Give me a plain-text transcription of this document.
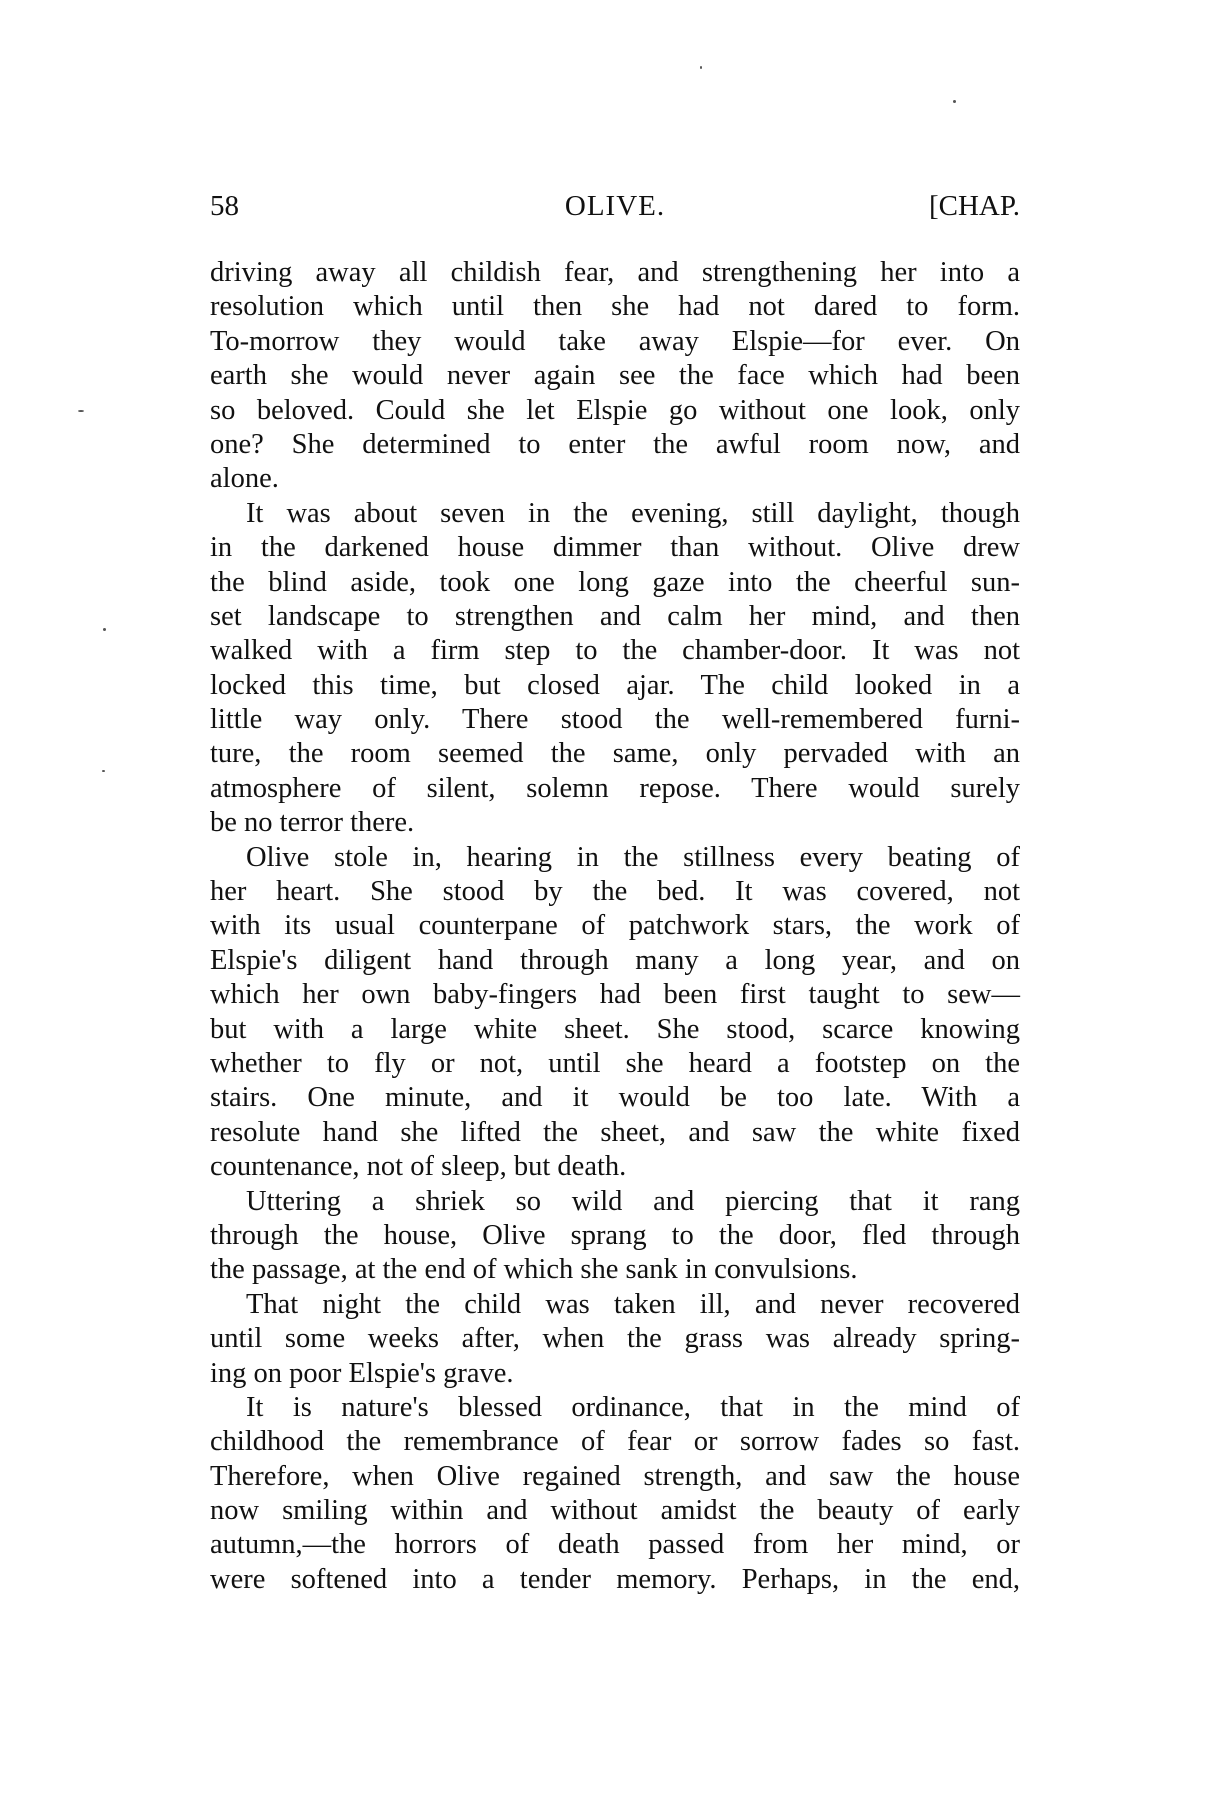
58	OLIVE.	[CHAP.
driving away all childish fear, and strengthening her into a
resolution which until then she had not dared to form.
To-morrow they would take away Elspie—for ever. On
earth she would never again see the face which had been
so beloved. Could she let Elspie go without one look, only
one? She determined to enter the awful room now, and
alone.
It was about seven in the evening, still daylight, though
in the darkened house dimmer than without. Olive drew
the blind aside, took one long gaze into the cheerful sun-
set landscape to strengthen and calm her mind, and then
walked with a firm step to the chamber-door. It was not
locked this time, but closed ajar. The child looked in a
little way only. There stood the well-remembered furni-
ture, the room seemed the same, only pervaded with an
atmosphere of silent, solemn repose. There would surely
be no terror there.
Olive stole in, hearing in the stillness every beating of
her heart. She stood by the bed. It was covered, not
with its usual counterpane of patchwork stars, the work of
Elspie's diligent hand through many a long year, and on
which her own baby-fingers had been first taught to sew—
but with a large white sheet. She stood, scarce knowing
whether to fly or not, until she heard a footstep on the
stairs. One minute, and it would be too late. With a
resolute hand she lifted the sheet, and saw the white fixed
countenance, not of sleep, but death.
Uttering a shriek so wild and piercing that it rang
through the house, Olive sprang to the door, fled through
the passage, at the end of which she sank in convulsions.
That night the child was taken ill, and never recovered
until some weeks after, when the grass was already spring-
ing on poor Elspie's grave.
It is nature's blessed ordinance, that in the mind of
childhood the remembrance of fear or sorrow fades so fast.
Therefore, when Olive regained strength, and saw the house
now smiling within and without amidst the beauty of early
autumn,—the horrors of death passed from her mind, or
were softened into a tender memory. Perhaps, in the end,
